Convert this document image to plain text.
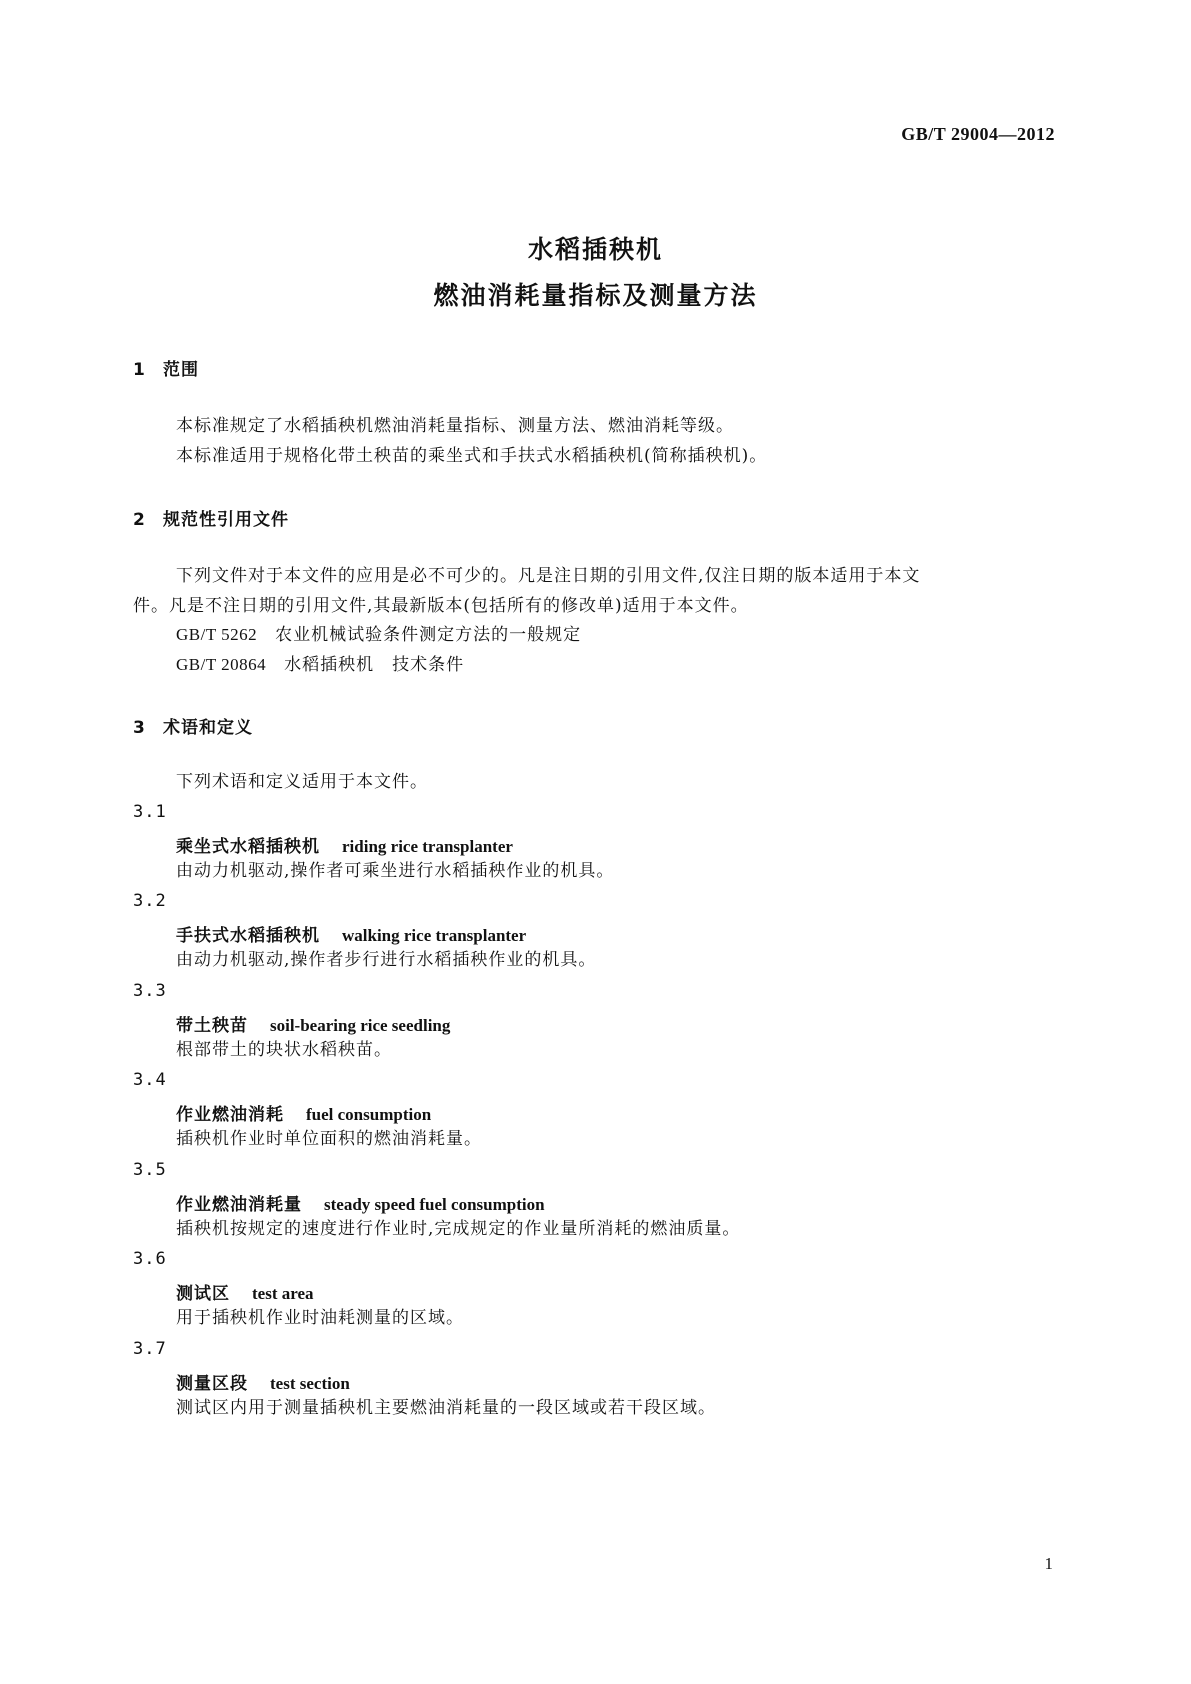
GB/T 29004—2012
水稻插秧机
燃油消耗量指标及测量方法
1 范围
本标准规定了水稻插秧机燃油消耗量指标、测量方法、燃油消耗等级。
本标准适用于规格化带土秧苗的乘坐式和手扶式水稻插秧机(简称插秧机)。
2 规范性引用文件
下列文件对于本文件的应用是必不可少的。凡是注日期的引用文件,仅注日期的版本适用于本文
件。凡是不注日期的引用文件,其最新版本(包括所有的修改单)适用于本文件。
GB/T 5262 农业机械试验条件测定方法的一般规定
GB/T 20864 水稻插秧机　技术条件
3 术语和定义
下列术语和定义适用于本文件。
3.1
乘坐式水稻插秧机 riding rice transplanter
由动力机驱动,操作者可乘坐进行水稻插秧作业的机具。
3.2
手扶式水稻插秧机 walking rice transplanter
由动力机驱动,操作者步行进行水稻插秧作业的机具。
3.3
带土秧苗 soil-bearing rice seedling
根部带土的块状水稻秧苗。
3.4
作业燃油消耗 fuel consumption
插秧机作业时单位面积的燃油消耗量。
3.5
作业燃油消耗量 steady speed fuel consumption
插秧机按规定的速度进行作业时,完成规定的作业量所消耗的燃油质量。
3.6
测试区 test area
用于插秧机作业时油耗测量的区域。
3.7
测量区段 test section
测试区内用于测量插秧机主要燃油消耗量的一段区域或若干段区域。
1
